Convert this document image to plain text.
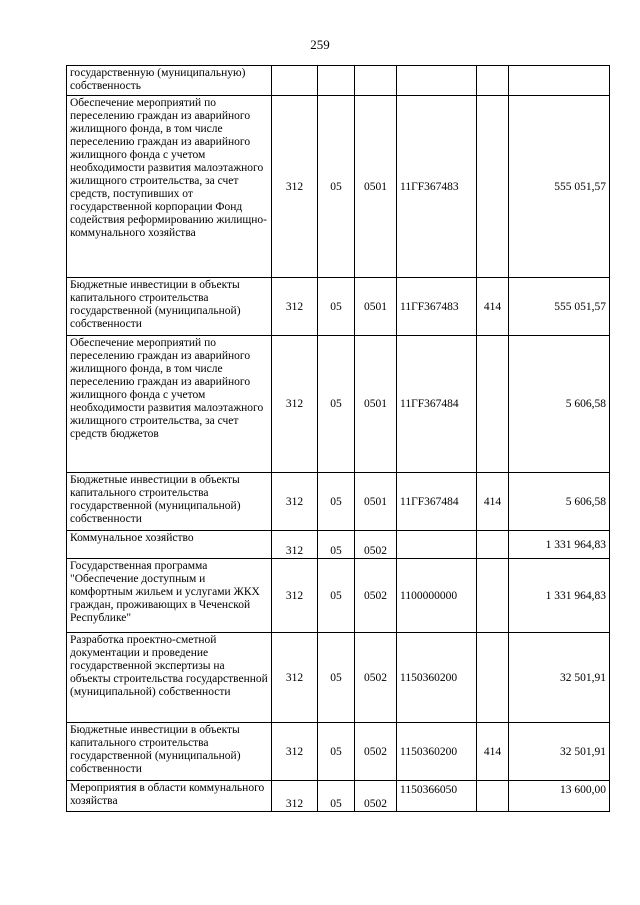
259
государственную (муниципальную) собственность						
Обеспечение мероприятий по переселению граждан из аварийного жилищного фонда, в том числе переселению граждан из аварийного жилищного фонда с учетом необходимости развития малоэтажного жилищного строительства, за счет средств, поступивших от государственной корпорации Фонд содействия реформированию жилищно-коммунального хозяйства	312	05	0501	11ГF367483		555 051,57
Бюджетные инвестиции в объекты капитального строительства государственной (муниципальной) собственности	312	05	0501	11ГF367483	414	555 051,57
Обеспечение мероприятий по переселению граждан из аварийного жилищного фонда, в том числе переселению граждан из аварийного жилищного фонда с учетом необходимости развития малоэтажного жилищного строительства, за счет средств бюджетов	312	05	0501	11ГF367484		5 606,58
Бюджетные инвестиции в объекты капитального строительства государственной (муниципальной) собственности	312	05	0501	11ГF367484	414	5 606,58
Коммунальное хозяйство	312	05	0502			1 331 964,83
Государственная программа "Обеспечение доступным и комфортным жильем и услугами ЖКХ граждан, проживающих в Чеченской Республике"	312	05	0502	1100000000		1 331 964,83
Разработка проектно-сметной документации и проведение государственной экспертизы на объекты строительства государственной (муниципальной) собственности	312	05	0502	1150360200		32 501,91
Бюджетные инвестиции в объекты капитального строительства государственной (муниципальной) собственности	312	05	0502	1150360200	414	32 501,91
Мероприятия в области коммунального хозяйства	312	05	0502	1150366050		13 600,00
